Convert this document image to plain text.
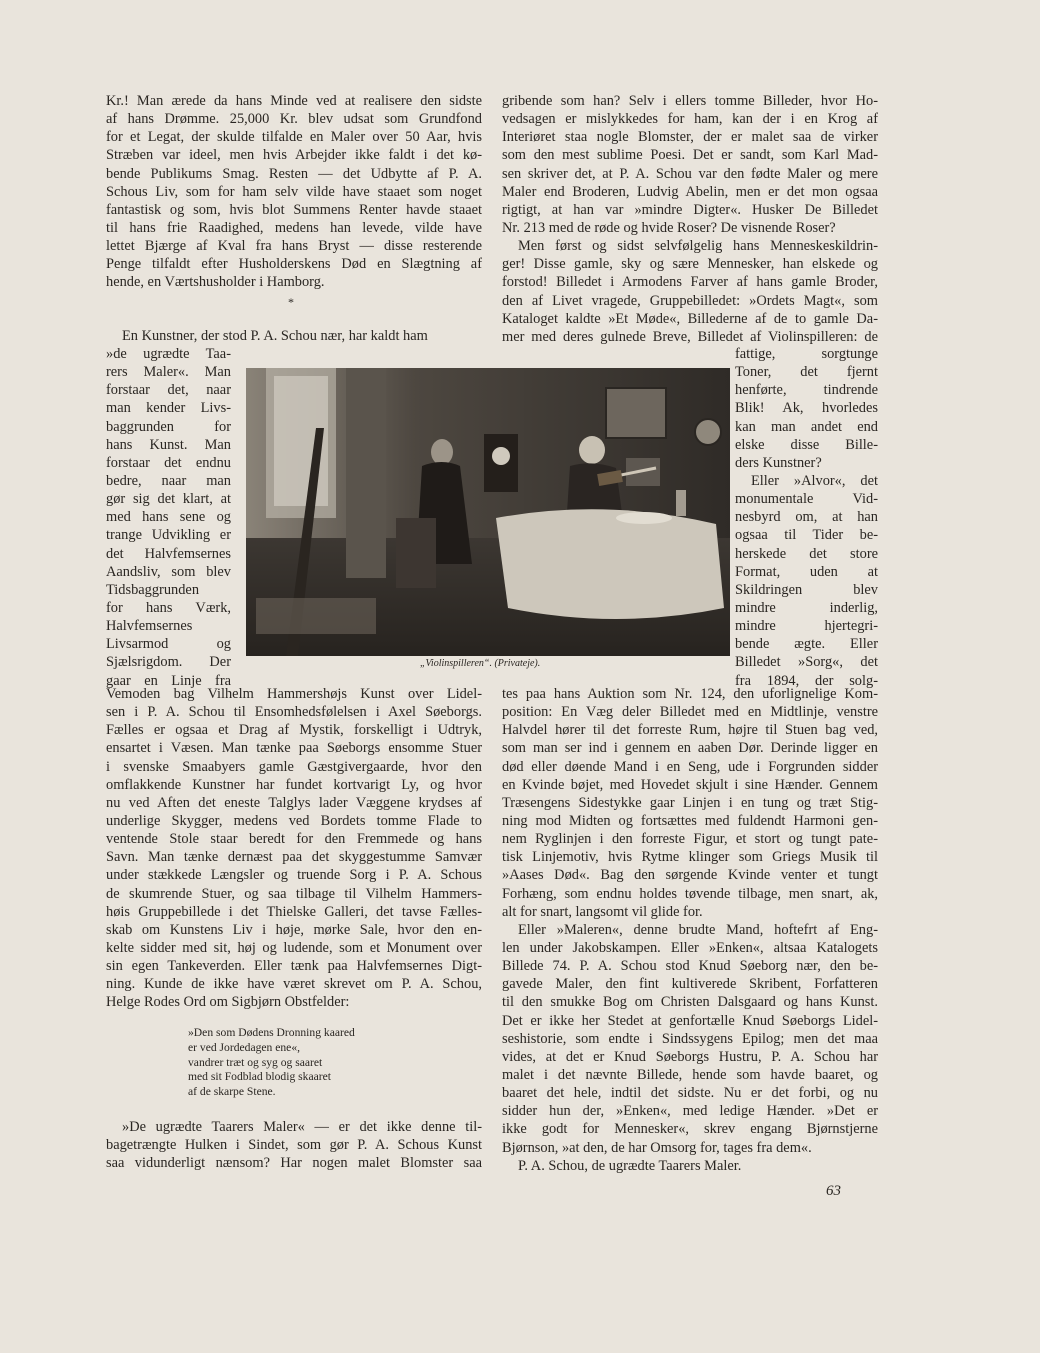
Kr.! Man ærede da hans Minde ved at realisere den sidste
af hans Drømme. 25,000 Kr. blev udsat som Grundfond
for et Legat, der skulde tilfalde en Maler over 50 Aar, hvis
Stræben var ideel, men hvis Arbejder ikke faldt i det kø-
bende Publikums Smag. Resten — det Udbytte af P. A.
Schous Liv, som for ham selv vilde have staaet som noget
fantastisk og som, hvis blot Summens Renter havde staaet
til hans frie Raadighed, medens han levede, vilde have
lettet Bjærge af Kval fra hans Bryst — disse resterende
Penge tilfaldt efter Husholderskens Død en Slægtning af
hende, en Værtshusholder i Hamborg.
*
En Kunstner, der stod P. A. Schou nær, har kaldt ham
»de ugrædte Taa-
rers Maler«. Man
forstaar det, naar
man kender Livs-
baggrunden for
hans Kunst. Man
forstaar det endnu
bedre, naar man
gør sig det klart, at
med hans sene og
trange Udvikling er
det Halvfemsernes
Aandsliv, som blev
Tidsbaggrunden
for hans Værk,
Halvfemsernes
Livsarmod og
Sjælsrigdom. Der
gaar en Linje fra
„Violinspilleren“. (Privateje).
Vemoden bag Vilhelm Hammershøjs Kunst over Lidel-
sen i P. A. Schou til Ensomhedsfølelsen i Axel Søeborgs.
Fælles er ogsaa et Drag af Mystik, forskelligt i Udtryk,
ensartet i Væsen. Man tænke paa Søeborgs ensomme Stuer
i svenske Smaabyers gamle Gæstgivergaarde, hvor den
omflakkende Kunstner har fundet kortvarigt Ly, og hvor
nu ved Aften det eneste Talglys lader Væggene krydses af
underlige Skygger, medens ved Bordets tomme Flade to
ventende Stole staar beredt for den Fremmede og hans
Savn. Man tænke dernæst paa det skyggestumme Samvær
under stækkede Længsler og truende Sorg i P. A. Schous
de skumrende Stuer, og saa tilbage til Vilhelm Hammers-
høis Gruppebillede i det Thielske Galleri, det tavse Fælles-
skab om Kunstens Liv i høje, mørke Sale, hvor den en-
kelte sidder med sit, høj og ludende, som et Monument over
sin egen Tankeverden. Eller tænk paa Halvfemsernes Digt-
ning. Kunde de ikke have været skrevet om P. A. Schou,
Helge Rodes Ord om Sigbjørn Obstfelder:
»Den som Dødens Dronning kaared
er ved Jordedagen ene«,
vandrer træt og syg og saaret
med sit Fodblad blodig skaaret
af de skarpe Stene.
»De ugrædte Taarers Maler« — er det ikke denne til-
bagetrængte Hulken i Sindet, som gør P. A. Schous Kunst
saa vidunderligt nænsom? Har nogen malet Blomster saa
gribende som han? Selv i ellers tomme Billeder, hvor Ho-
vedsagen er mislykkedes for ham, kan der i en Krog af
Interiøret staa nogle Blomster, der er malet saa de virker
som den mest sublime Poesi. Det er sandt, som Karl Mad-
sen skriver det, at P. A. Schou var den fødte Maler og mere
Maler end Broderen, Ludvig Abelin, men er det mon ogsaa
rigtigt, at han var »mindre Digter«. Husker De Billedet
Nr. 213 med de røde og hvide Roser? De visnende Roser?
Men først og sidst selvfølgelig hans Menneskeskildrin-
ger! Disse gamle, sky og sære Mennesker, han elskede og
forstod! Billedet i Armodens Farver af hans gamle Broder,
den af Livet vragede, Gruppebilledet: »Ordets Magt«, som
Kataloget kaldte »Et Møde«, Billederne af de to gamle Da-
mer med deres gulnede Breve, Billedet af Violinspilleren: de
fattige, sorgtunge
Toner, det fjernt
henførte, tindrende
Blik! Ak, hvorledes
kan man andet end
elske disse Bille-
ders Kunstner?
Eller »Alvor«, det
monumentale Vid-
nesbyrd om, at han
ogsaa til Tider be-
herskede det store
Format, uden at
Skildringen blev
mindre inderlig,
mindre hjertegri-
bende ægte. Eller
Billedet »Sorg«, det
fra 1894, der solg-
tes paa hans Auktion som Nr. 124, den uforlignelige Kom-
position: En Væg deler Billedet med en Midtlinje, venstre
Halvdel hører til det forreste Rum, højre til Stuen bag ved,
som man ser ind i gennem en aaben Dør. Derinde ligger en
død eller døende Mand i en Seng, ude i Forgrunden sidder
en Kvinde bøjet, med Hovedet skjult i sine Hænder. Gennem
Træsengens Sidestykke gaar Linjen i en tung og træt Stig-
ning mod Midten og fortsættes med fuldendt Harmoni gen-
nem Ryglinjen i den forreste Figur, et stort og tungt pate-
tisk Linjemotiv, hvis Rytme klinger som Griegs Musik til
»Aases Død«. Bag den sørgende Kvinde venter et tungt
Forhæng, som endnu holdes tøvende tilbage, men snart, ak,
alt for snart, langsomt vil glide for.
Eller »Maleren«, denne brudte Mand, hoftefrt af Eng-
len under Jakobskampen. Eller »Enken«, altsaa Katalogets
Billede 74. P. A. Schou stod Knud Søeborg nær, den be-
gavede Maler, den fint kultiverede Skribent, Forfatteren
til den smukke Bog om Christen Dalsgaard og hans Kunst.
Det er ikke her Stedet at genfortælle Knud Søeborgs Lidel-
seshistorie, som endte i Sindssygens Epilog; men det maa
vides, at det er Knud Søeborgs Hustru, P. A. Schou har
malet i det nævnte Billede, hende som havde baaret, og
baaret det hele, indtil det sidste. Nu er det forbi, og nu
sidder hun der, »Enken«, med ledige Hænder. »Det er
ikke godt for Mennesker«, skrev engang Bjørnstjerne
Bjørnson, »at den, de har Omsorg for, tages fra dem«.
P. A. Schou, de ugrædte Taarers Maler.
63
